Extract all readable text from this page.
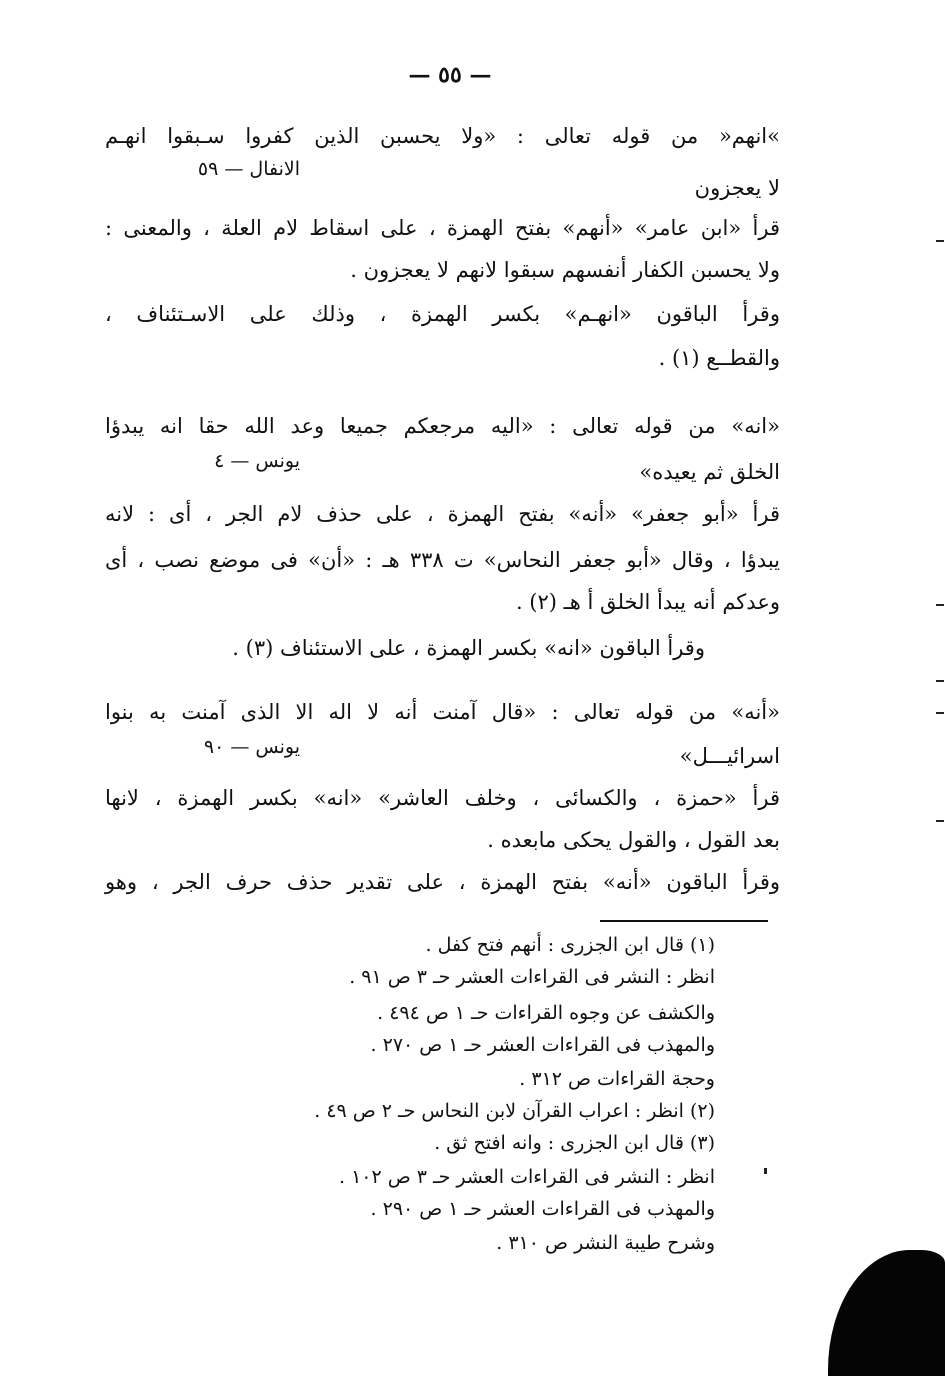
— ٥٥ —
»انهم« من قوله تعالى : «ولا يحسبن الذين كفروا سـبقوا انهـم
الانفال — ٥٩
لا يعجزون
قرأ «ابن عامر» «أنهم» بفتح الهمزة ، على اسقاط لام العلة ، والمعنى :
ولا يحسبن الكفار أنفسهم سبقوا لانهم لا يعجزون .
وقرأ الباقون «انهـم» بكسر الهمزة ، وذلك على الاسـتئناف ،
والقطــع (١) .
«انه» من قوله تعالى : «اليه مرجعكم جميعا وعد الله حقا انه يبدؤا
يونس — ٤	الخلق ثم يعيده»
قرأ «أبو جعفر» «أنه» بفتح الهمزة ، على حذف لام الجر ، أى : لانه
يبدؤا ، وقال «أبو جعفر النحاس» ت ٣٣٨ هـ : «أن» فى موضع نصب ، أى
وعدكم أنه يبدأ الخلق أ هـ (٢) .
وقرأ الباقون «انه» بكسر الهمزة ، على الاستئناف (٣) .
«أنه» من قوله تعالى : «قال آمنت أنه لا اله الا الذى آمنت به بنوا
يونس — ٩٠	اسرائيـــل»
قرأ «حمزة ، والكسائى ، وخلف العاشر» «انه» بكسر الهمزة ، لانها
بعد القول ، والقول يحكى مابعده .
وقرأ الباقون «أنه» بفتح الهمزة ، على تقدير حذف حرف الجر ، وهو
(١) قال ابن الجزرى : أنهم فتح كفل .
انظر : النشر فى القراءات العشر حـ ٣ ص ٩١ .
والكشف عن وجوه القراءات حـ ١ ص ٤٩٤ .
والمهذب فى القراءات العشر حـ ١ ص ٢٧٠ .
وحجة القراءات ص ٣١٢ .
(٢) انظر : اعراب القرآن لابن النحاس حـ ٢ ص ٤٩ .
(٣) قال ابن الجزرى : وانه افتح ثق .
انظر : النشر فى القراءات العشر حـ ٣ ص ١٠٢ .
والمهذب فى القراءات العشر حـ ١ ص ٢٩٠ .
وشرح طيبة النشر ص ٣١٠ .
